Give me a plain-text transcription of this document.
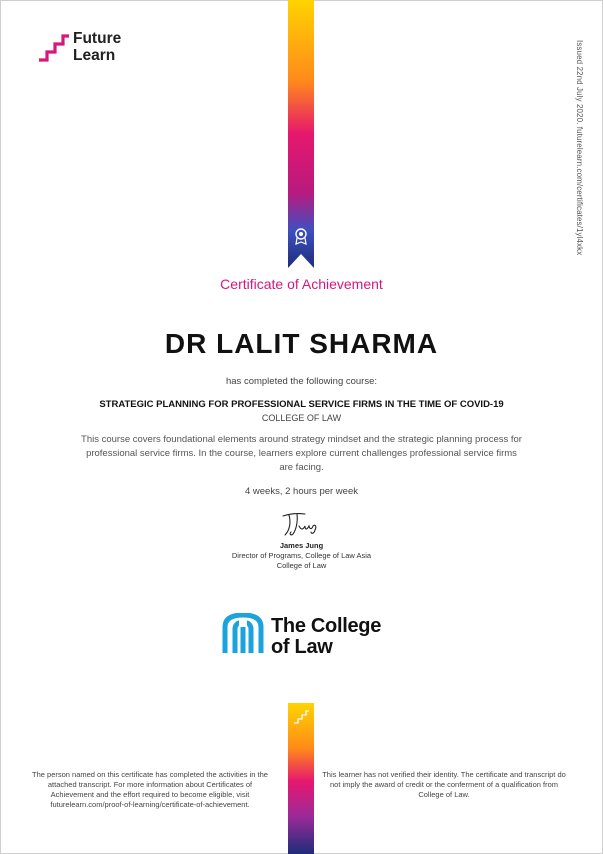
Future
Learn	Issued 22nd July 2020. futurelearn.com/certificates/1yl4xkx
Certificate of Achievement
DR LALIT SHARMA
has completed the following course:
STRATEGIC PLANNING FOR PROFESSIONAL SERVICE FIRMS IN THE TIME OF COVID-19
COLLEGE OF LAW
This course covers foundational elements around strategy mindset and the strategic planning process for professional service firms. In the course, learners explore current challenges professional service firms are facing.
4 weeks, 2 hours per week
James Jung
Director of Programs, College of Law Asia
College of Law
The College
of Law
The person named on this certificate has completed the activities in the attached transcript. For more information about Certificates of Achievement and the effort required to become eligible, visit futurelearn.com/proof-of-learning/certificate-of-achievement.
This learner has not verified their identity. The certificate and transcript do not imply the award of credit or the conferment of a qualification from College of Law.
